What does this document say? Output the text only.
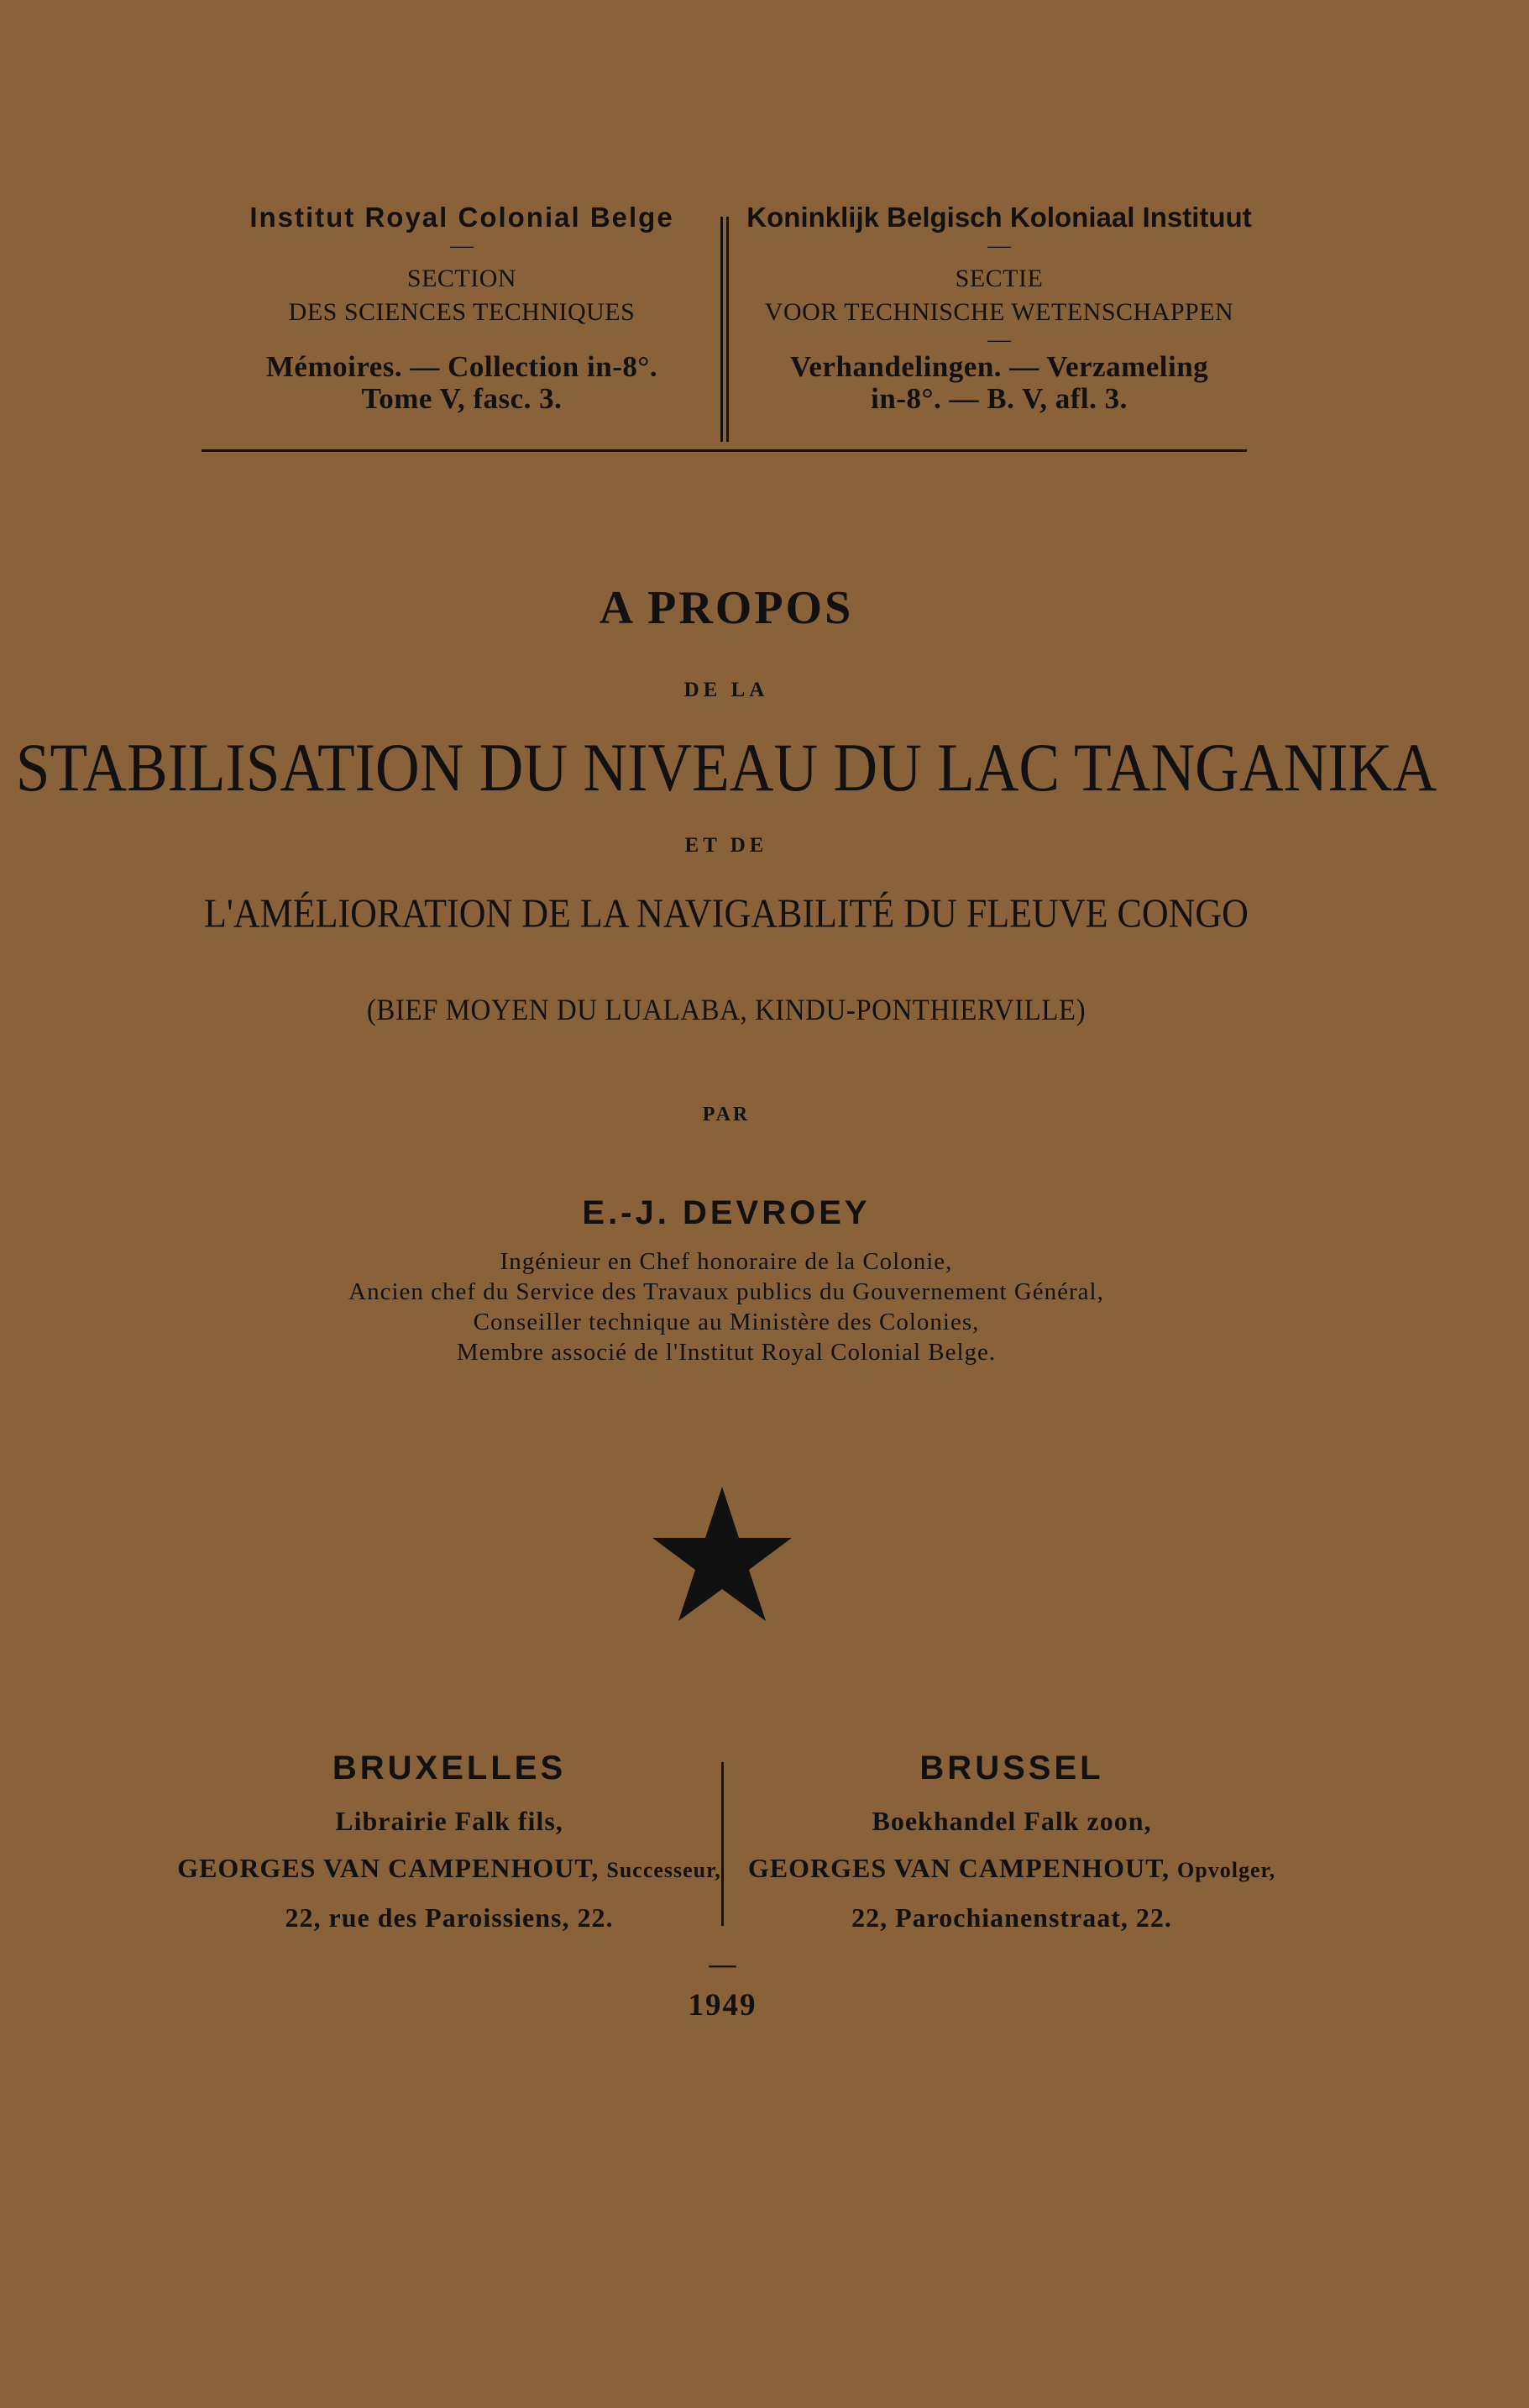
Institut Royal Colonial Belge
—
SECTION
DES SCIENCES TECHNIQUES
Mémoires. — Collection in-8°.
Tome V, fasc. 3.
Koninklijk Belgisch Koloniaal Instituut
—
SECTIE
VOOR TECHNISCHE WETENSCHAPPEN
—
Verhandelingen. — Verzameling
in-8°. — B. V, afl. 3.
A PROPOS
DE LA
STABILISATION DU NIVEAU DU LAC TANGANIKA
ET DE
L'AMÉLIORATION DE LA NAVIGABILITÉ DU FLEUVE CONGO
(BIEF MOYEN DU LUALABA, KINDU-PONTHIERVILLE)
PAR
E.-J. DEVROEY
Ingénieur en Chef honoraire de la Colonie,
Ancien chef du Service des Travaux publics du Gouvernement Général,
Conseiller technique au Ministère des Colonies,
Membre associé de l'Institut Royal Colonial Belge.
BRUXELLES
Librairie Falk fils,
GEORGES VAN CAMPENHOUT, Successeur,
22, rue des Paroissiens, 22.
BRUSSEL
Boekhandel Falk zoon,
GEORGES VAN CAMPENHOUT, Opvolger,
22, Parochianenstraat, 22.
—
1949
